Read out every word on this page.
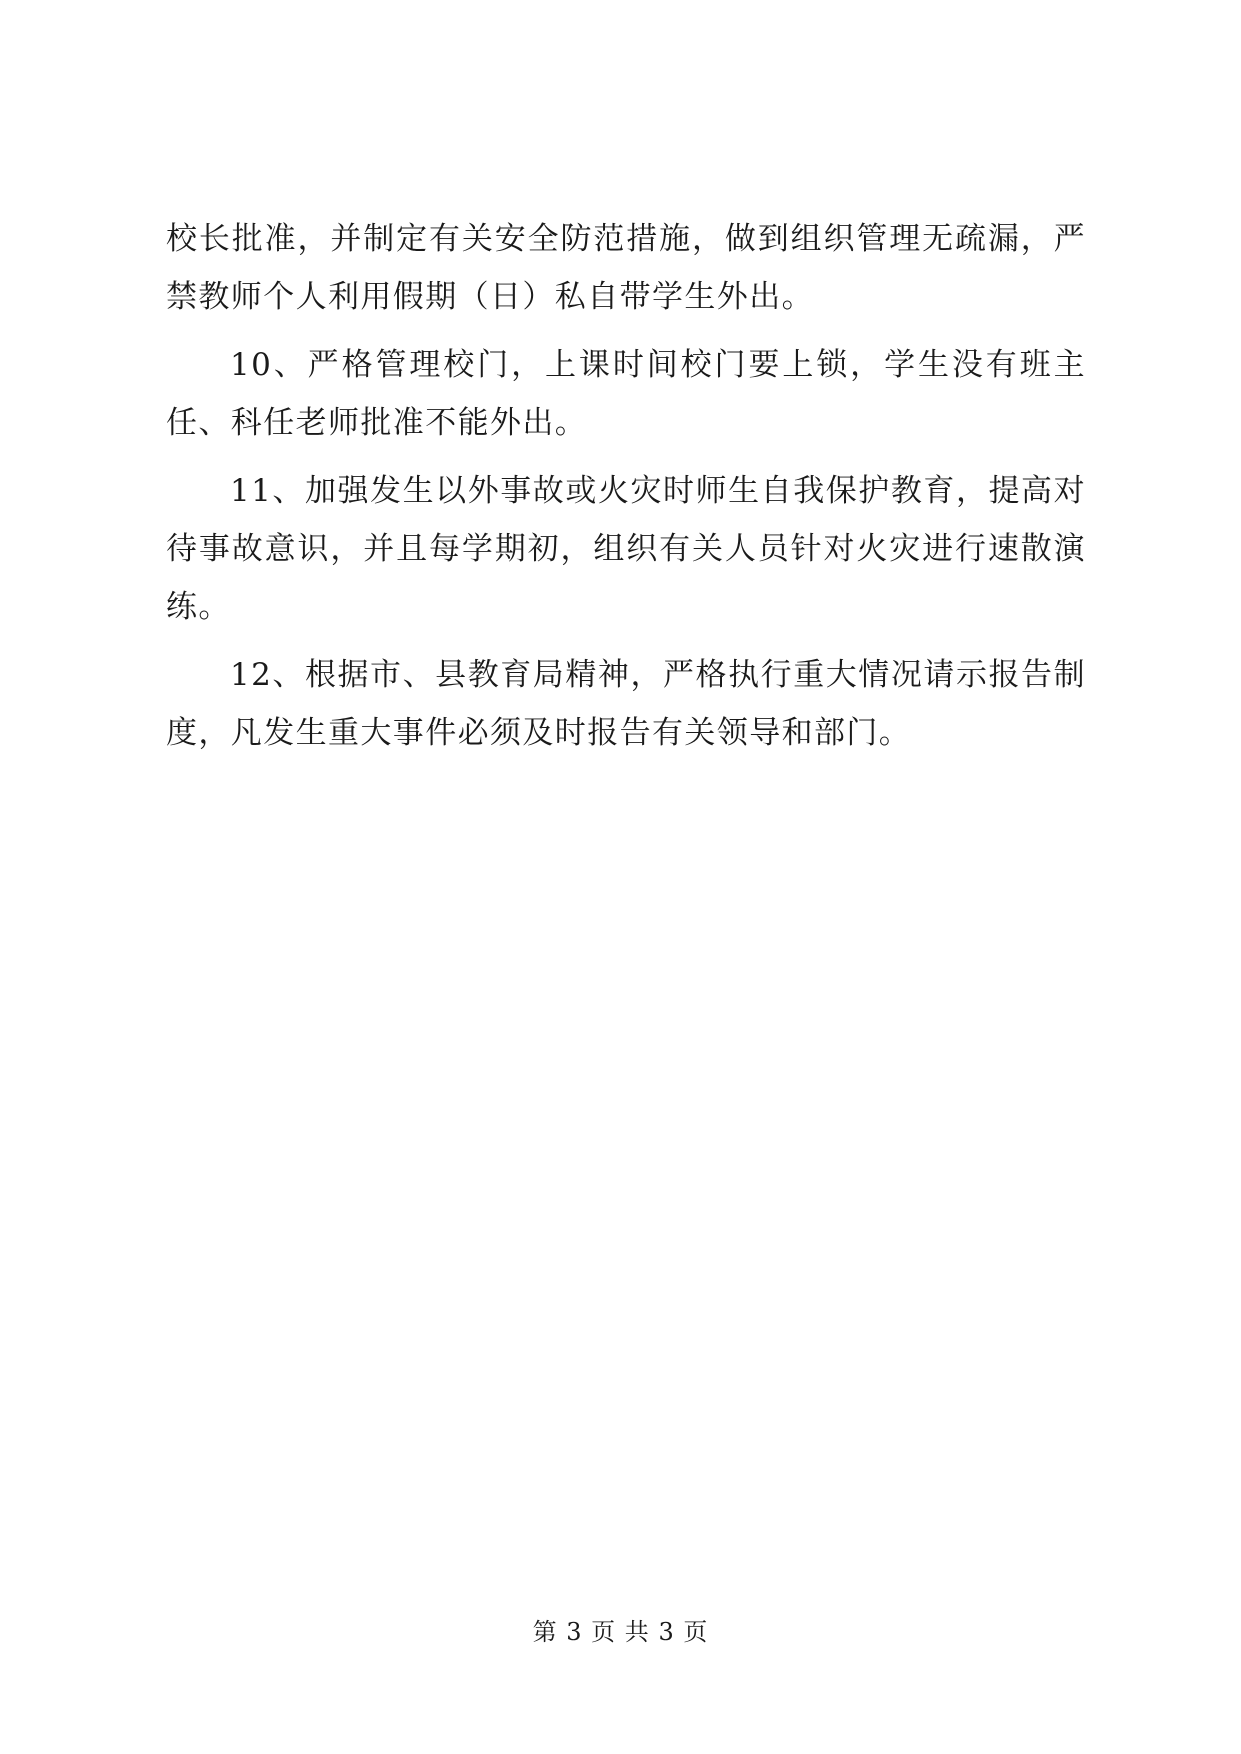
校长批准，并制定有关安全防范措施，做到组织管理无疏漏，严禁教师个人利用假期（日）私自带学生外出。

10、严格管理校门，上课时间校门要上锁，学生没有班主任、科任老师批准不能外出。

11、加强发生以外事故或火灾时师生自我保护教育，提高对待事故意识，并且每学期初，组织有关人员针对火灾进行速散演练。

12、根据市、县教育局精神，严格执行重大情况请示报告制度，凡发生重大事件必须及时报告有关领导和部门。

第 3 页 共 3 页
